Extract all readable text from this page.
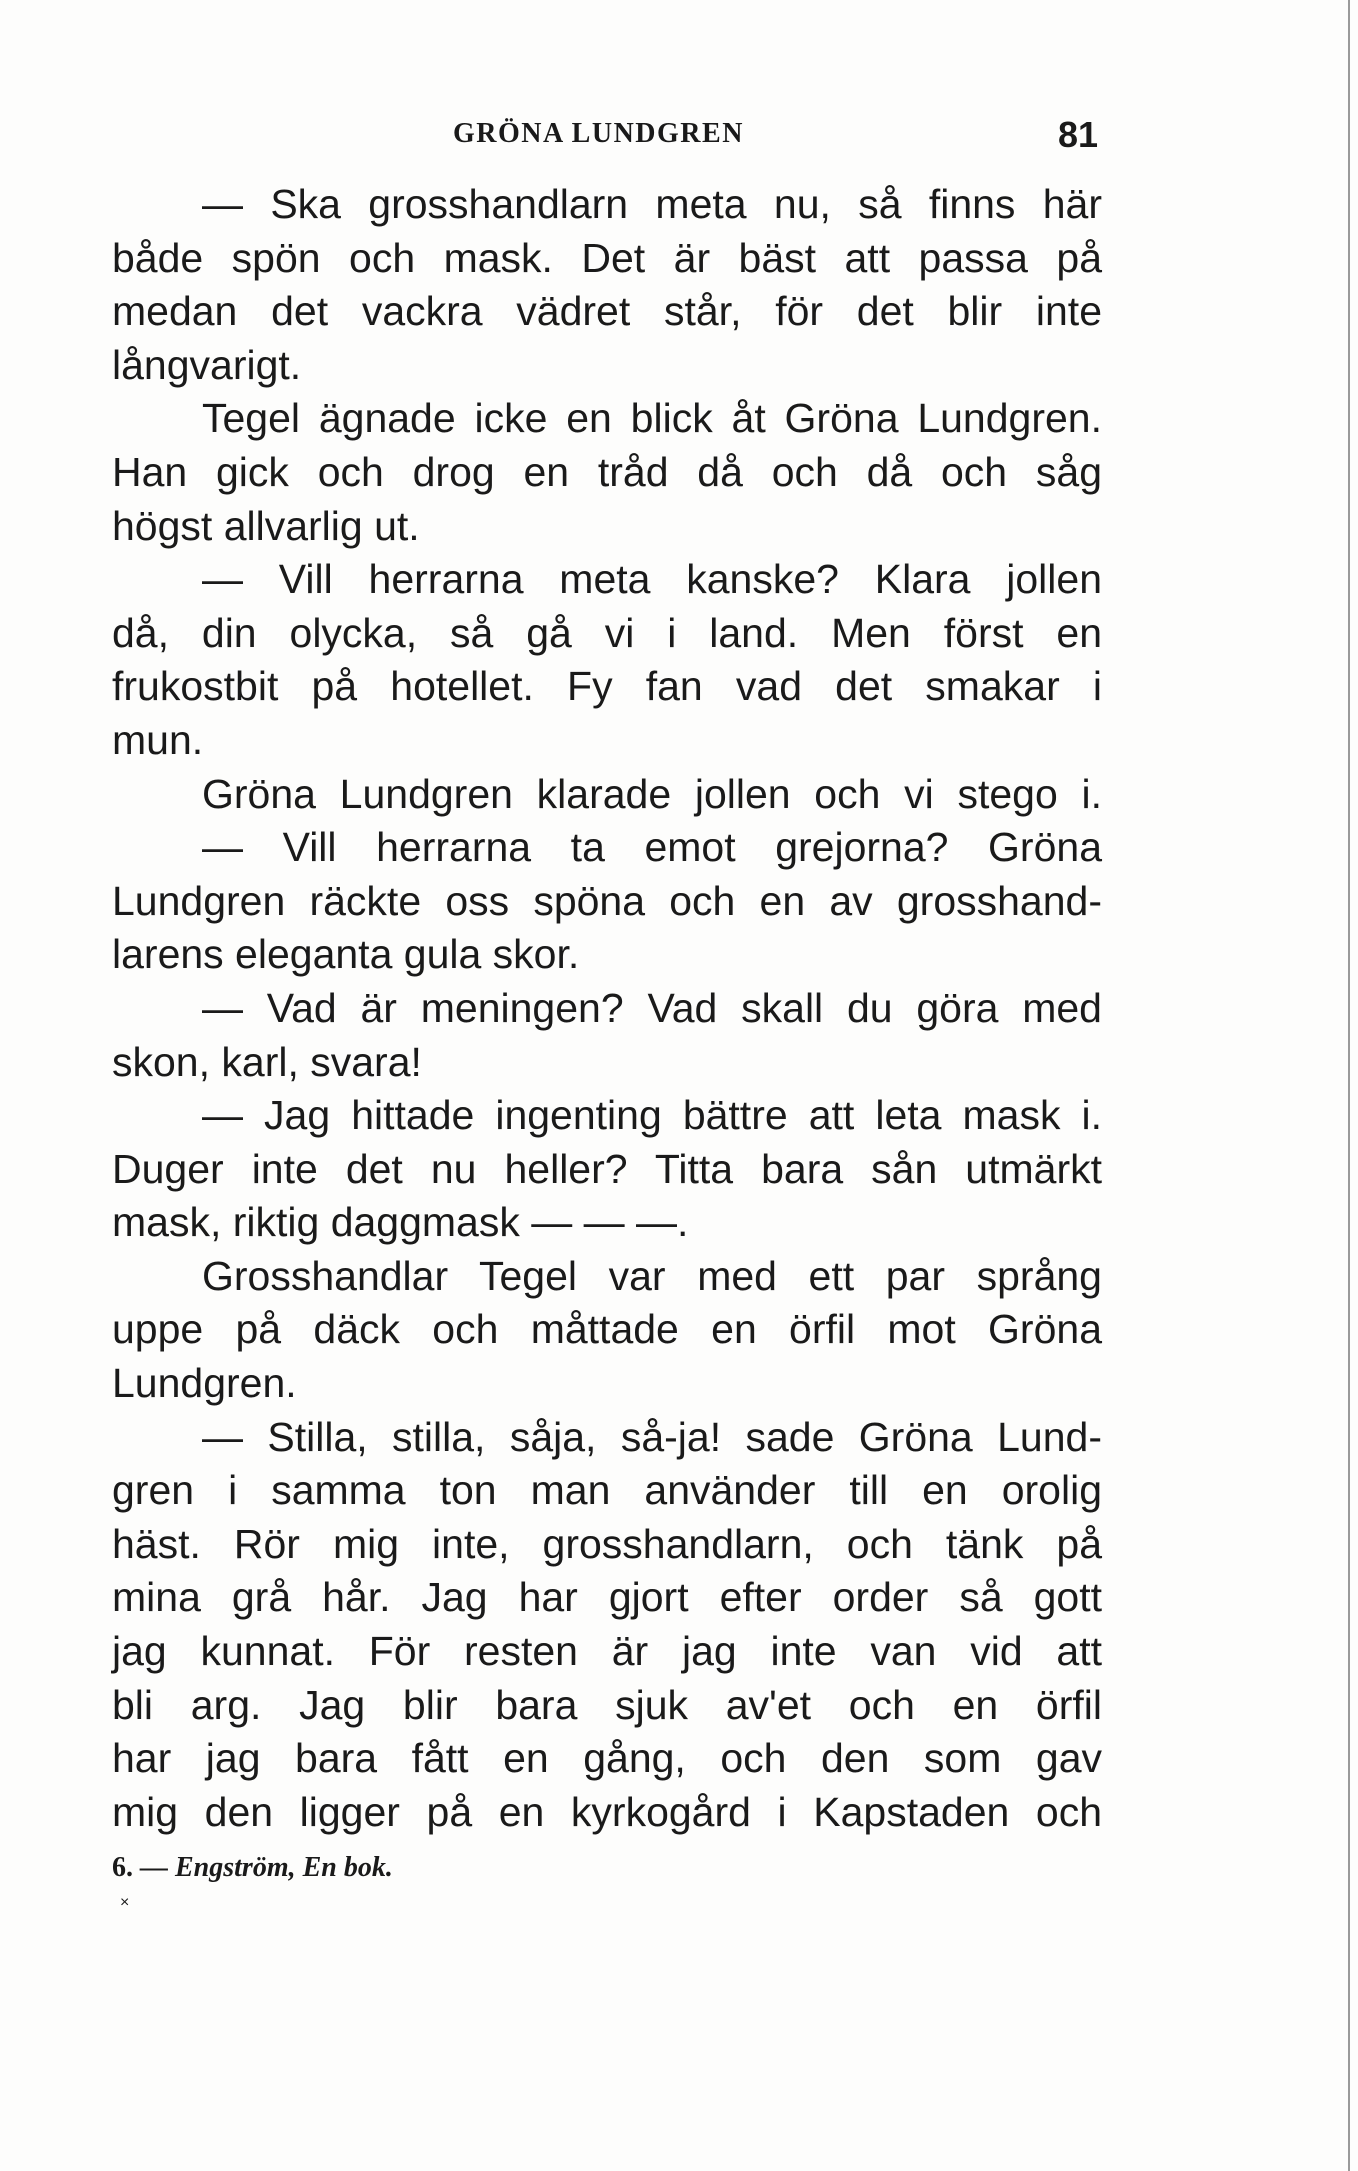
GRÖNA LUNDGREN	81
— Ska grosshandlarn meta nu, så finns här
både spön och mask. Det är bäst att passa på
medan det vackra vädret står, för det blir inte
långvarigt.
Tegel ägnade icke en blick åt Gröna Lundgren.
Han gick och drog en tråd då och då och såg
högst allvarlig ut.
— Vill herrarna meta kanske? Klara jollen
då, din olycka, så gå vi i land. Men först en
frukostbit på hotellet. Fy fan vad det smakar i
mun.
Gröna Lundgren klarade jollen och vi stego i.
— Vill herrarna ta emot grejorna? Gröna
Lundgren räckte oss spöna och en av grosshand-
larens eleganta gula skor.
— Vad är meningen? Vad skall du göra med
skon, karl, svara!
— Jag hittade ingenting bättre att leta mask i.
Duger inte det nu heller? Titta bara sån utmärkt
mask, riktig daggmask — — —.
Grosshandlar Tegel var med ett par språng
uppe på däck och måttade en örfil mot Gröna
Lundgren.
— Stilla, stilla, såja, så-ja! sade Gröna Lund-
gren i samma ton man använder till en orolig
häst. Rör mig inte, grosshandlarn, och tänk på
mina grå hår. Jag har gjort efter order så gott
jag kunnat. För resten är jag inte van vid att
bli arg. Jag blir bara sjuk av'et och en örfil
har jag bara fått en gång, och den som gav
mig den ligger på en kyrkogård i Kapstaden och
6. — Engström, En bok.
×
